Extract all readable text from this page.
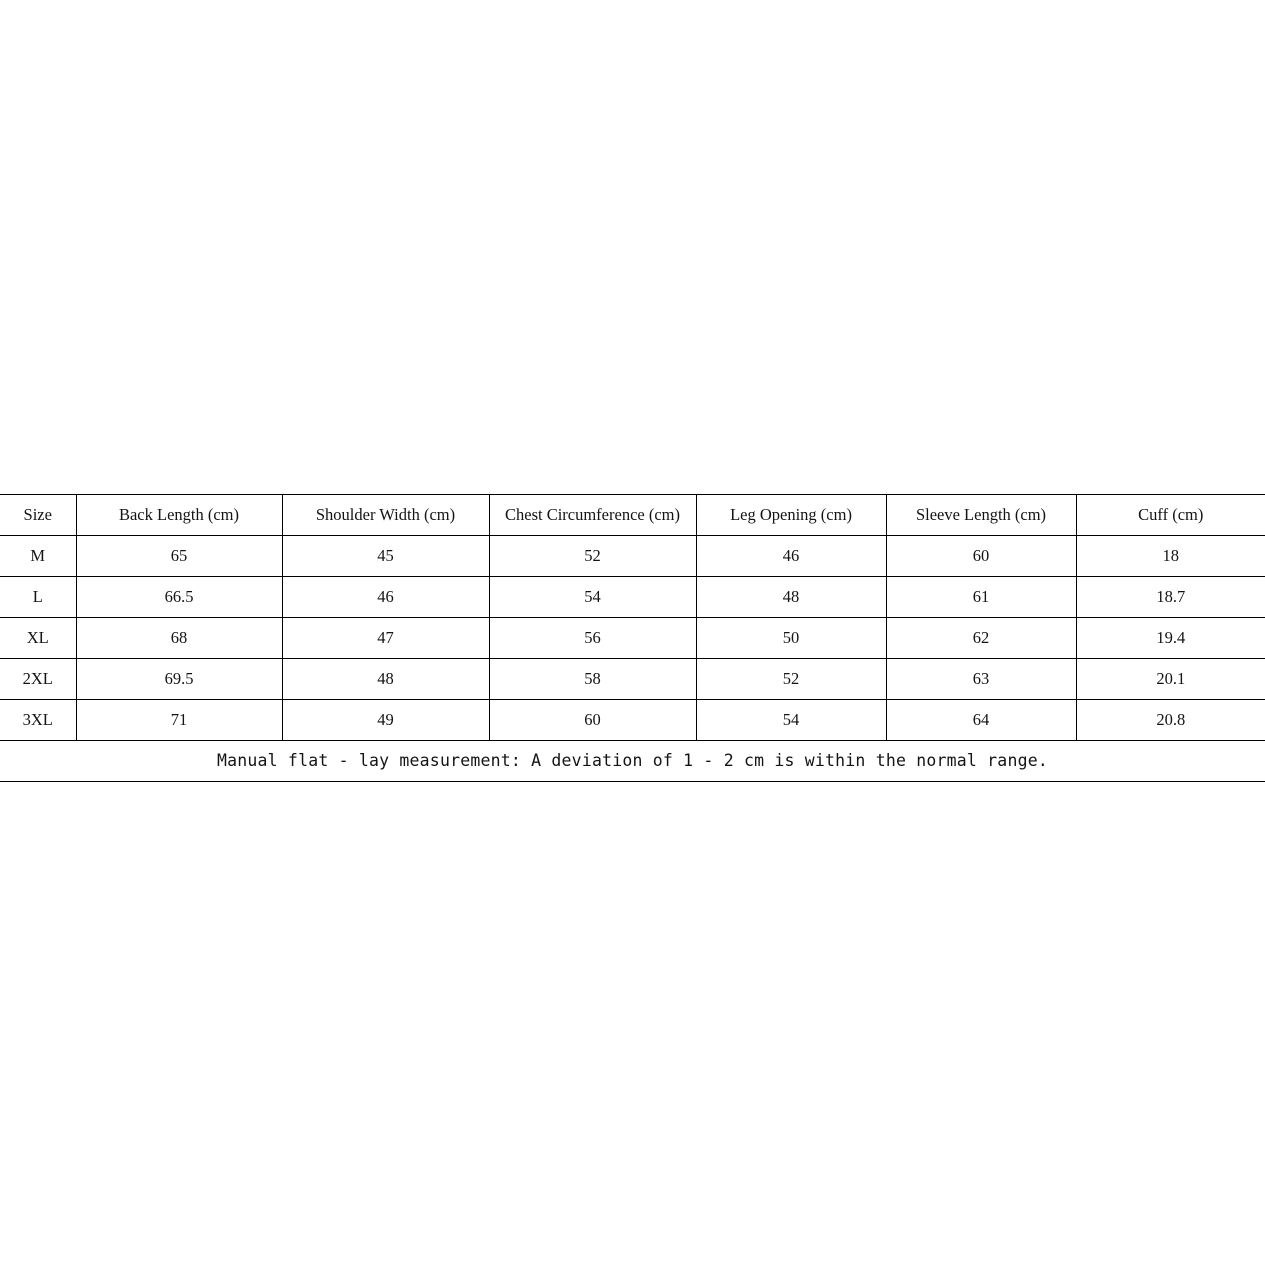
Size	Back Length (cm)	Shoulder Width (cm)	Chest Circumference (cm)	Leg Opening (cm)	Sleeve Length (cm)	Cuff (cm)
M	65	45	52	46	60	18
L	66.5	46	54	48	61	18.7
XL	68	47	56	50	62	19.4
2XL	69.5	48	58	52	63	20.1
3XL	71	49	60	54	64	20.8
Manual flat - lay measurement: A deviation of 1 - 2 cm is within the normal range.						
